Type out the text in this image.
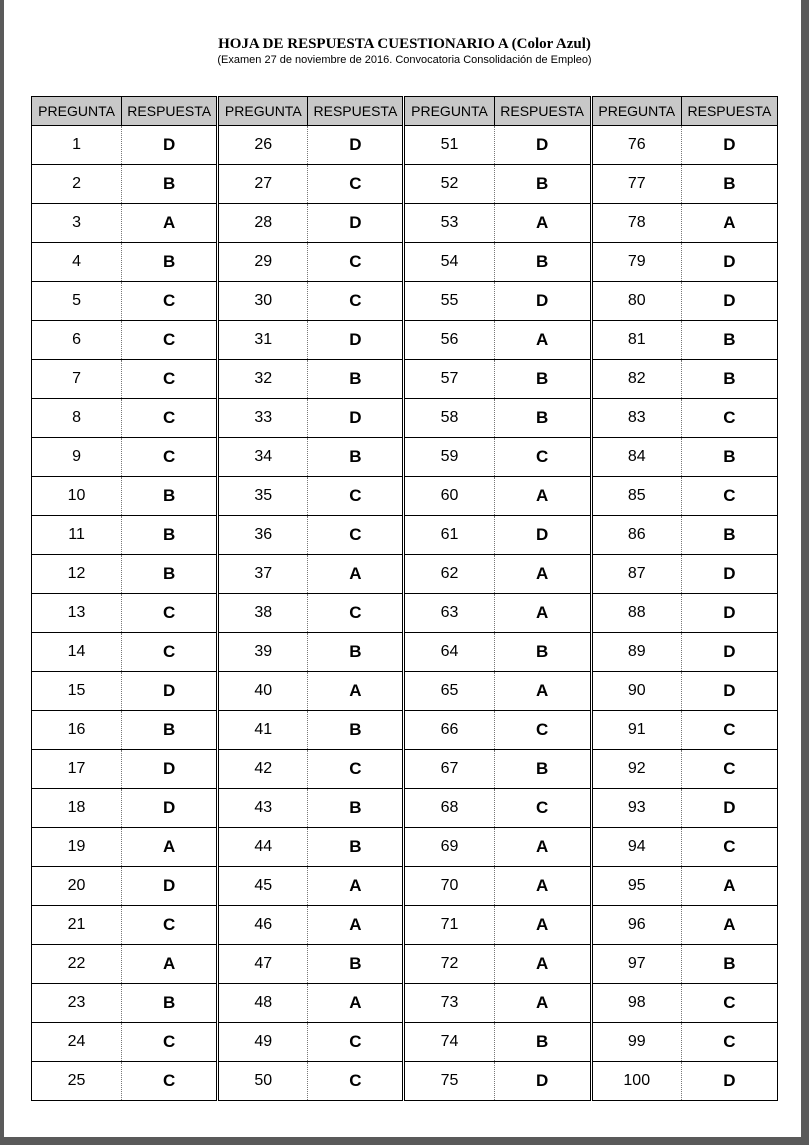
HOJA DE RESPUESTA CUESTIONARIO A (Color Azul)
(Examen 27 de noviembre de 2016. Convocatoria Consolidación de Empleo)
PREGUNTA	RESPUESTA		PREGUNTA	RESPUESTA		PREGUNTA	RESPUESTA		PREGUNTA	RESPUESTA
1	D		26	D		51	D		76	D
2	B		27	C		52	B		77	B
3	A		28	D		53	A		78	A
4	B		29	C		54	B		79	D
5	C		30	C		55	D		80	D
6	C		31	D		56	A		81	B
7	C		32	B		57	B		82	B
8	C		33	D		58	B		83	C
9	C		34	B		59	C		84	B
10	B		35	C		60	A		85	C
11	B		36	C		61	D		86	B
12	B		37	A		62	A		87	D
13	C		38	C		63	A		88	D
14	C		39	B		64	B		89	D
15	D		40	A		65	A		90	D
16	B		41	B		66	C		91	C
17	D		42	C		67	B		92	C
18	D		43	B		68	C		93	D
19	A		44	B		69	A		94	C
20	D		45	A		70	A		95	A
21	C		46	A		71	A		96	A
22	A		47	B		72	A		97	B
23	B		48	A		73	A		98	C
24	C		49	C		74	B		99	C
25	C		50	C		75	D		100	D
